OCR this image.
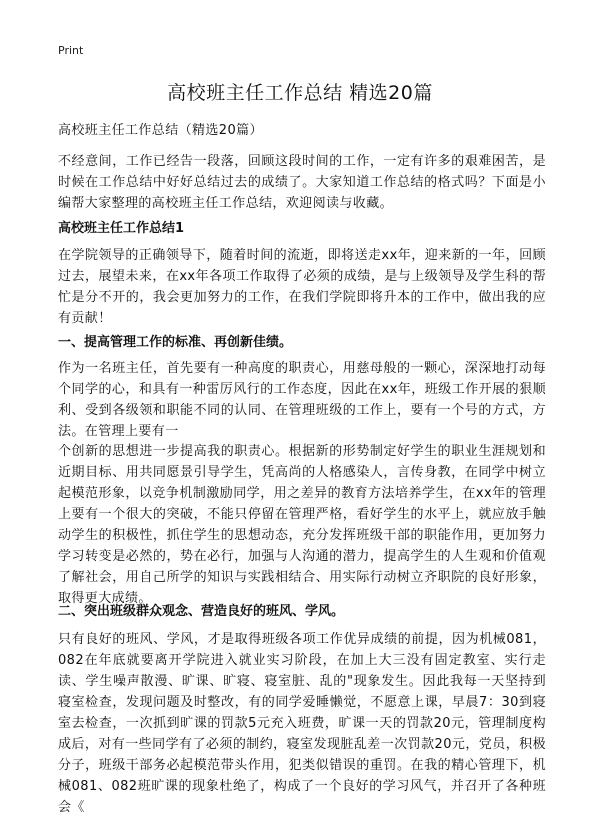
Print
高校班主任工作总结 精选20篇

高校班主任工作总结（精选20篇）

不经意间，工作已经告一段落，回顾这段时间的工作，一定有许多的艰难困苦，是时候在工作总结中好好总结过去的成绩了。大家知道工作总结的格式吗？下面是小编帮大家整理的高校班主任工作总结，欢迎阅读与收藏。

高校班主任工作总结1

在学院领导的正确领导下，随着时间的流逝，即将送走xx年，迎来新的一年，回顾过去，展望未来，在xx年各项工作取得了必须的成绩，是与上级领导及学生科的帮忙是分不开的，我会更加努力的工作，在我们学院即将升本的工作中，做出我的应有贡献！

一、提高管理工作的标准、再创新佳绩。

作为一名班主任，首先要有一种高度的职责心，用慈母般的一颗心，深深地打动每个同学的心，和具有一种雷厉风行的工作态度，因此在xx年，班级工作开展的狠顺利、受到各级领和职能不同的认同、在管理班级的工作上，要有一个号的方式，方法。在管理上要有一

个创新的思想进一步提高我的职责心。根据新的形势制定好学生的职业生涯规划和近期目标、用共同愿景引导学生，凭高尚的人格感染人，言传身教，在同学中树立起模范形象，以竞争机制激励同学，用之差异的教育方法培养学生，在xx年的管理上要有一个很大的突破，不能只停留在管理严格，看好学生的水平上，就应放手触动学生的积极性，抓住学生的思想动态，充分发挥班级干部的职能作用，更加努力学习转变是必然的，势在必行，加强与人沟通的潜力，提高学生的人生观和价值观了解社会，用自己所学的知识与实践相结合、用实际行动树立齐职院的良好形象，取得更大成绩。

二、突出班级群众观念、营造良好的班风、学风。

只有良好的班风、学风，才是取得班级各项工作优异成绩的前提，因为机械081，082在年底就要离开学院进入就业实习阶段，在加上大三没有固定教室、实行走读、学生噪声散漫、旷课、旷寝、寝室脏、乱的"现象发生。因此我每一天坚持到寝室检查，发现问题及时整改，有的同学爱睡懒觉，不愿意上课，早晨7：30到寝室去检查，一次抓到旷课的罚款5元充入班费，旷课一天的罚款20元，管理制度构成后，对有一些同学有了必须的制约，寝室发现脏乱差一次罚款20元，党员，积极分子，班级干部务必起模范带头作用，犯类似错误的重罚。在我的精心管理下，机械081、082班旷课的现象杜绝了，构成了一个良好的学习风气，并召开了各种班会《
